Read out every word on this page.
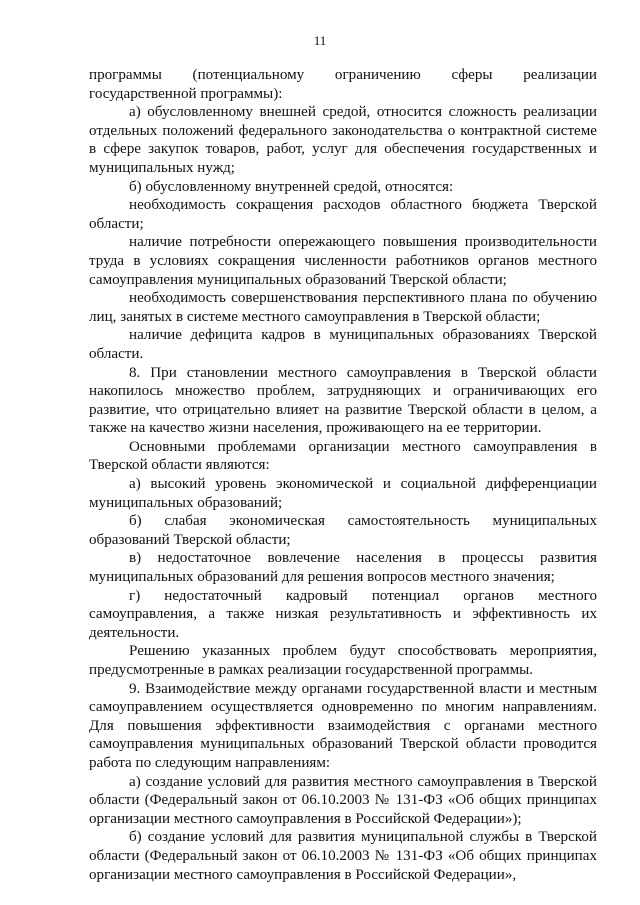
11

программы (потенциальному ограничению сферы реализации государственной программы):

а) обусловленному внешней средой, относится сложность реализации отдельных положений федерального законодательства о контрактной системе в сфере закупок товаров, работ, услуг для обеспечения государственных и муниципальных нужд;

б) обусловленному внутренней средой, относятся:

необходимость сокращения расходов областного бюджета Тверской области;

наличие потребности опережающего повышения производительности труда в условиях сокращения численности работников органов местного самоуправления муниципальных образований Тверской области;

необходимость совершенствования перспективного плана по обучению лиц, занятых в системе местного самоуправления в Тверской области;

наличие дефицита кадров в муниципальных образованиях Тверской области.

8. При становлении местного самоуправления в Тверской области накопилось множество проблем, затрудняющих и ограничивающих его развитие, что отрицательно влияет на развитие Тверской области в целом, а также на качество жизни населения, проживающего на ее территории.

Основными проблемами организации местного самоуправления в Тверской области являются:

а) высокий уровень экономической и социальной дифференциации муниципальных образований;

б) слабая экономическая самостоятельность муниципальных образований Тверской области;

в) недостаточное вовлечение населения в процессы развития муниципальных образований для решения вопросов местного значения;

г) недостаточный кадровый потенциал органов местного самоуправления, а также низкая результативность и эффективность их деятельности.

Решению указанных проблем будут способствовать мероприятия, предусмотренные в рамках реализации государственной программы.

9. Взаимодействие между органами государственной власти и местным самоуправлением осуществляется одновременно по многим направлениям. Для повышения эффективности взаимодействия с органами местного самоуправления муниципальных образований Тверской области проводится работа по следующим направлениям:

а) создание условий для развития местного самоуправления в Тверской области (Федеральный закон от 06.10.2003 № 131-ФЗ «Об общих принципах организации местного самоуправления в Российской Федерации»);

б) создание условий для развития муниципальной службы в Тверской области (Федеральный закон от 06.10.2003 № 131-ФЗ «Об общих принципах организации местного самоуправления в Российской Федерации»,
